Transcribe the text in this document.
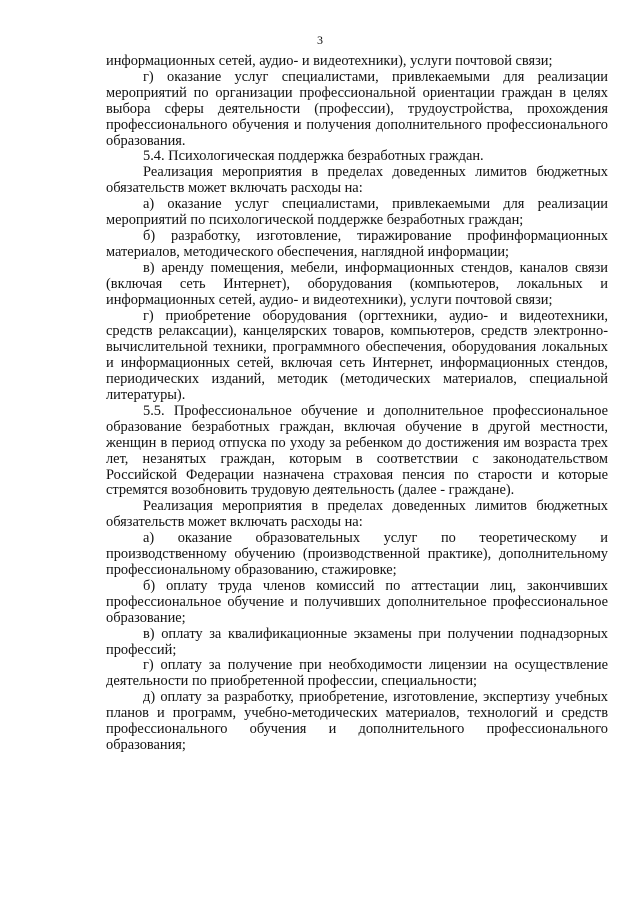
3

информационных сетей, аудио- и видеотехники), услуги почтовой связи;

г) оказание услуг специалистами, привлекаемыми для реализации мероприятий по организации профессиональной ориентации граждан в целях выбора сферы деятельности (профессии), трудоустройства, прохождения профессионального обучения и получения дополнительного профессионального образования.

5.4. Психологическая поддержка безработных граждан.

Реализация мероприятия в пределах доведенных лимитов бюджетных обязательств может включать расходы на:

а) оказание услуг специалистами, привлекаемыми для реализации мероприятий по психологической поддержке безработных граждан;

б) разработку, изготовление, тиражирование профинформационных материалов, методического обеспечения, наглядной информации;

в) аренду помещения, мебели, информационных стендов, каналов связи (включая сеть Интернет), оборудования (компьютеров, локальных и информационных сетей, аудио- и видеотехники), услуги почтовой связи;

г) приобретение оборудования (оргтехники, аудио- и видеотехники, средств релаксации), канцелярских товаров, компьютеров, средств электронно-вычислительной техники, программного обеспечения, оборудования локальных и информационных сетей, включая сеть Интернет, информационных стендов, периодических изданий, методик (методических материалов, специальной литературы).

5.5. Профессиональное обучение и дополнительное профессиональное образование безработных граждан, включая обучение в другой местности, женщин в период отпуска по уходу за ребенком до достижения им возраста трех лет, незанятых граждан, которым в соответствии с законодательством Российской Федерации назначена страховая пенсия по старости и которые стремятся возобновить трудовую деятельность (далее - граждане).

Реализация мероприятия в пределах доведенных лимитов бюджетных обязательств может включать расходы на:

а) оказание образовательных услуг по теоретическому и производственному обучению (производственной практике), дополнительному профессиональному образованию, стажировке;

б) оплату труда членов комиссий по аттестации лиц, закончивших профессиональное обучение и получивших дополнительное профессиональное образование;

в) оплату за квалификационные экзамены при получении поднадзорных профессий;

г) оплату за получение при необходимости лицензии на осуществление деятельности по приобретенной профессии, специальности;

д) оплату за разработку, приобретение, изготовление, экспертизу учебных планов и программ, учебно-методических материалов, технологий и средств профессионального обучения и дополнительного профессионального образования;
